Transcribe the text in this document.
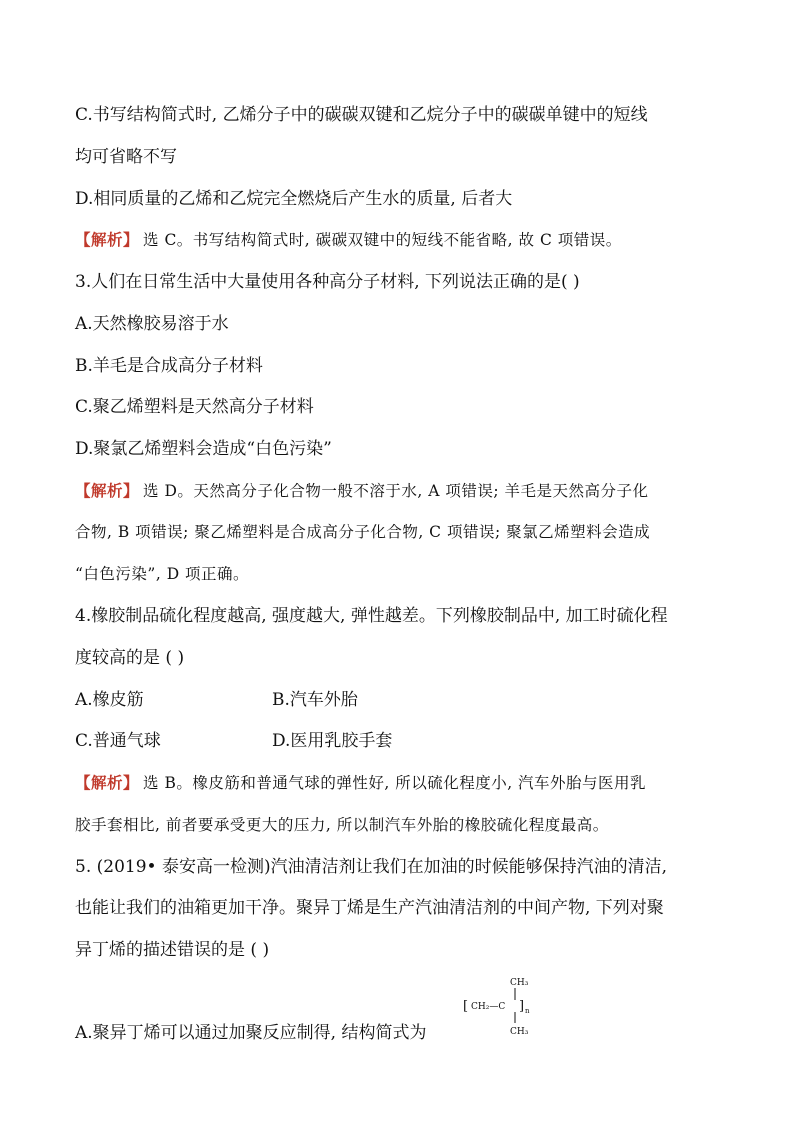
C.书写结构简式时, 乙烯分子中的碳碳双键和乙烷分子中的碳碳单键中的短线
均可省略不写
D.相同质量的乙烯和乙烷完全燃烧后产生水的质量, 后者大
【解析】 选 C。书写结构简式时, 碳碳双键中的短线不能省略, 故 C 项错误。
3.人们在日常生活中大量使用各种高分子材料, 下列说法正确的是( )
A.天然橡胶易溶于水
B.羊毛是合成高分子材料
C.聚乙烯塑料是天然高分子材料
D.聚氯乙烯塑料会造成“白色污染”
【解析】 选 D。天然高分子化合物一般不溶于水, A 项错误; 羊毛是天然高分子化
合物, B 项错误; 聚乙烯塑料是合成高分子化合物, C 项错误; 聚氯乙烯塑料会造成
“白色污染”, D 项正确。
4.橡胶制品硫化程度越高, 强度越大, 弹性越差。下列橡胶制品中, 加工时硫化程
度较高的是 ( )
A.橡皮筋	B.汽车外胎
C.普通气球	D.医用乳胶手套
【解析】 选 B。橡皮筋和普通气球的弹性好, 所以硫化程度小, 汽车外胎与医用乳
胶手套相比, 前者要承受更大的压力, 所以制汽车外胎的橡胶硫化程度最高。
5. (2019• 泰安高一检测)汽油清洁剂让我们在加油的时候能够保持汽油的清洁,
也能让我们的油箱更加干净。聚异丁烯是生产汽油清洁剂的中间产物, 下列对聚
异丁烯的描述错误的是 ( )
CH₃
[ CH₂—C ] n
CH₃
A.聚异丁烯可以通过加聚反应制得, 结构简式为
